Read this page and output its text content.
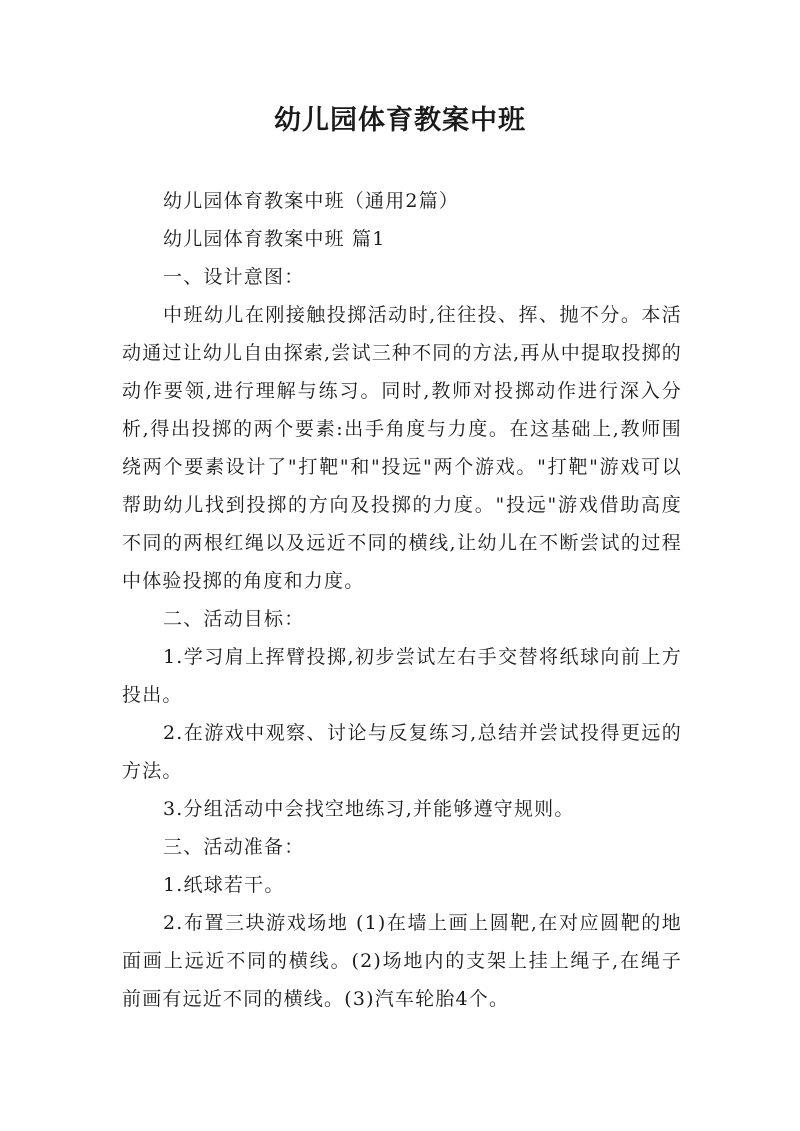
幼儿园体育教案中班

幼儿园体育教案中班（通用2篇）

幼儿园体育教案中班 篇1

一、设计意图：

中班幼儿在刚接触投掷活动时,往往投、挥、抛不分。本活动通过让幼儿自由探索,尝试三种不同的方法,再从中提取投掷的动作要领,进行理解与练习。同时,教师对投掷动作进行深入分析,得出投掷的两个要素:出手角度与力度。在这基础上,教师围绕两个要素设计了"打靶"和"投远"两个游戏。"打靶"游戏可以帮助幼儿找到投掷的方向及投掷的力度。"投远"游戏借助高度不同的两根红绳以及远近不同的横线,让幼儿在不断尝试的过程中体验投掷的角度和力度。

二、活动目标：

1.学习肩上挥臂投掷,初步尝试左右手交替将纸球向前上方投出。

2.在游戏中观察、讨论与反复练习,总结并尝试投得更远的方法。

3.分组活动中会找空地练习,并能够遵守规则。

三、活动准备：

1.纸球若干。

2.布置三块游戏场地 (1)在墙上画上圆靶,在对应圆靶的地面画上远近不同的横线。(2)场地内的支架上挂上绳子,在绳子前画有远近不同的横线。(3)汽车轮胎4个。
